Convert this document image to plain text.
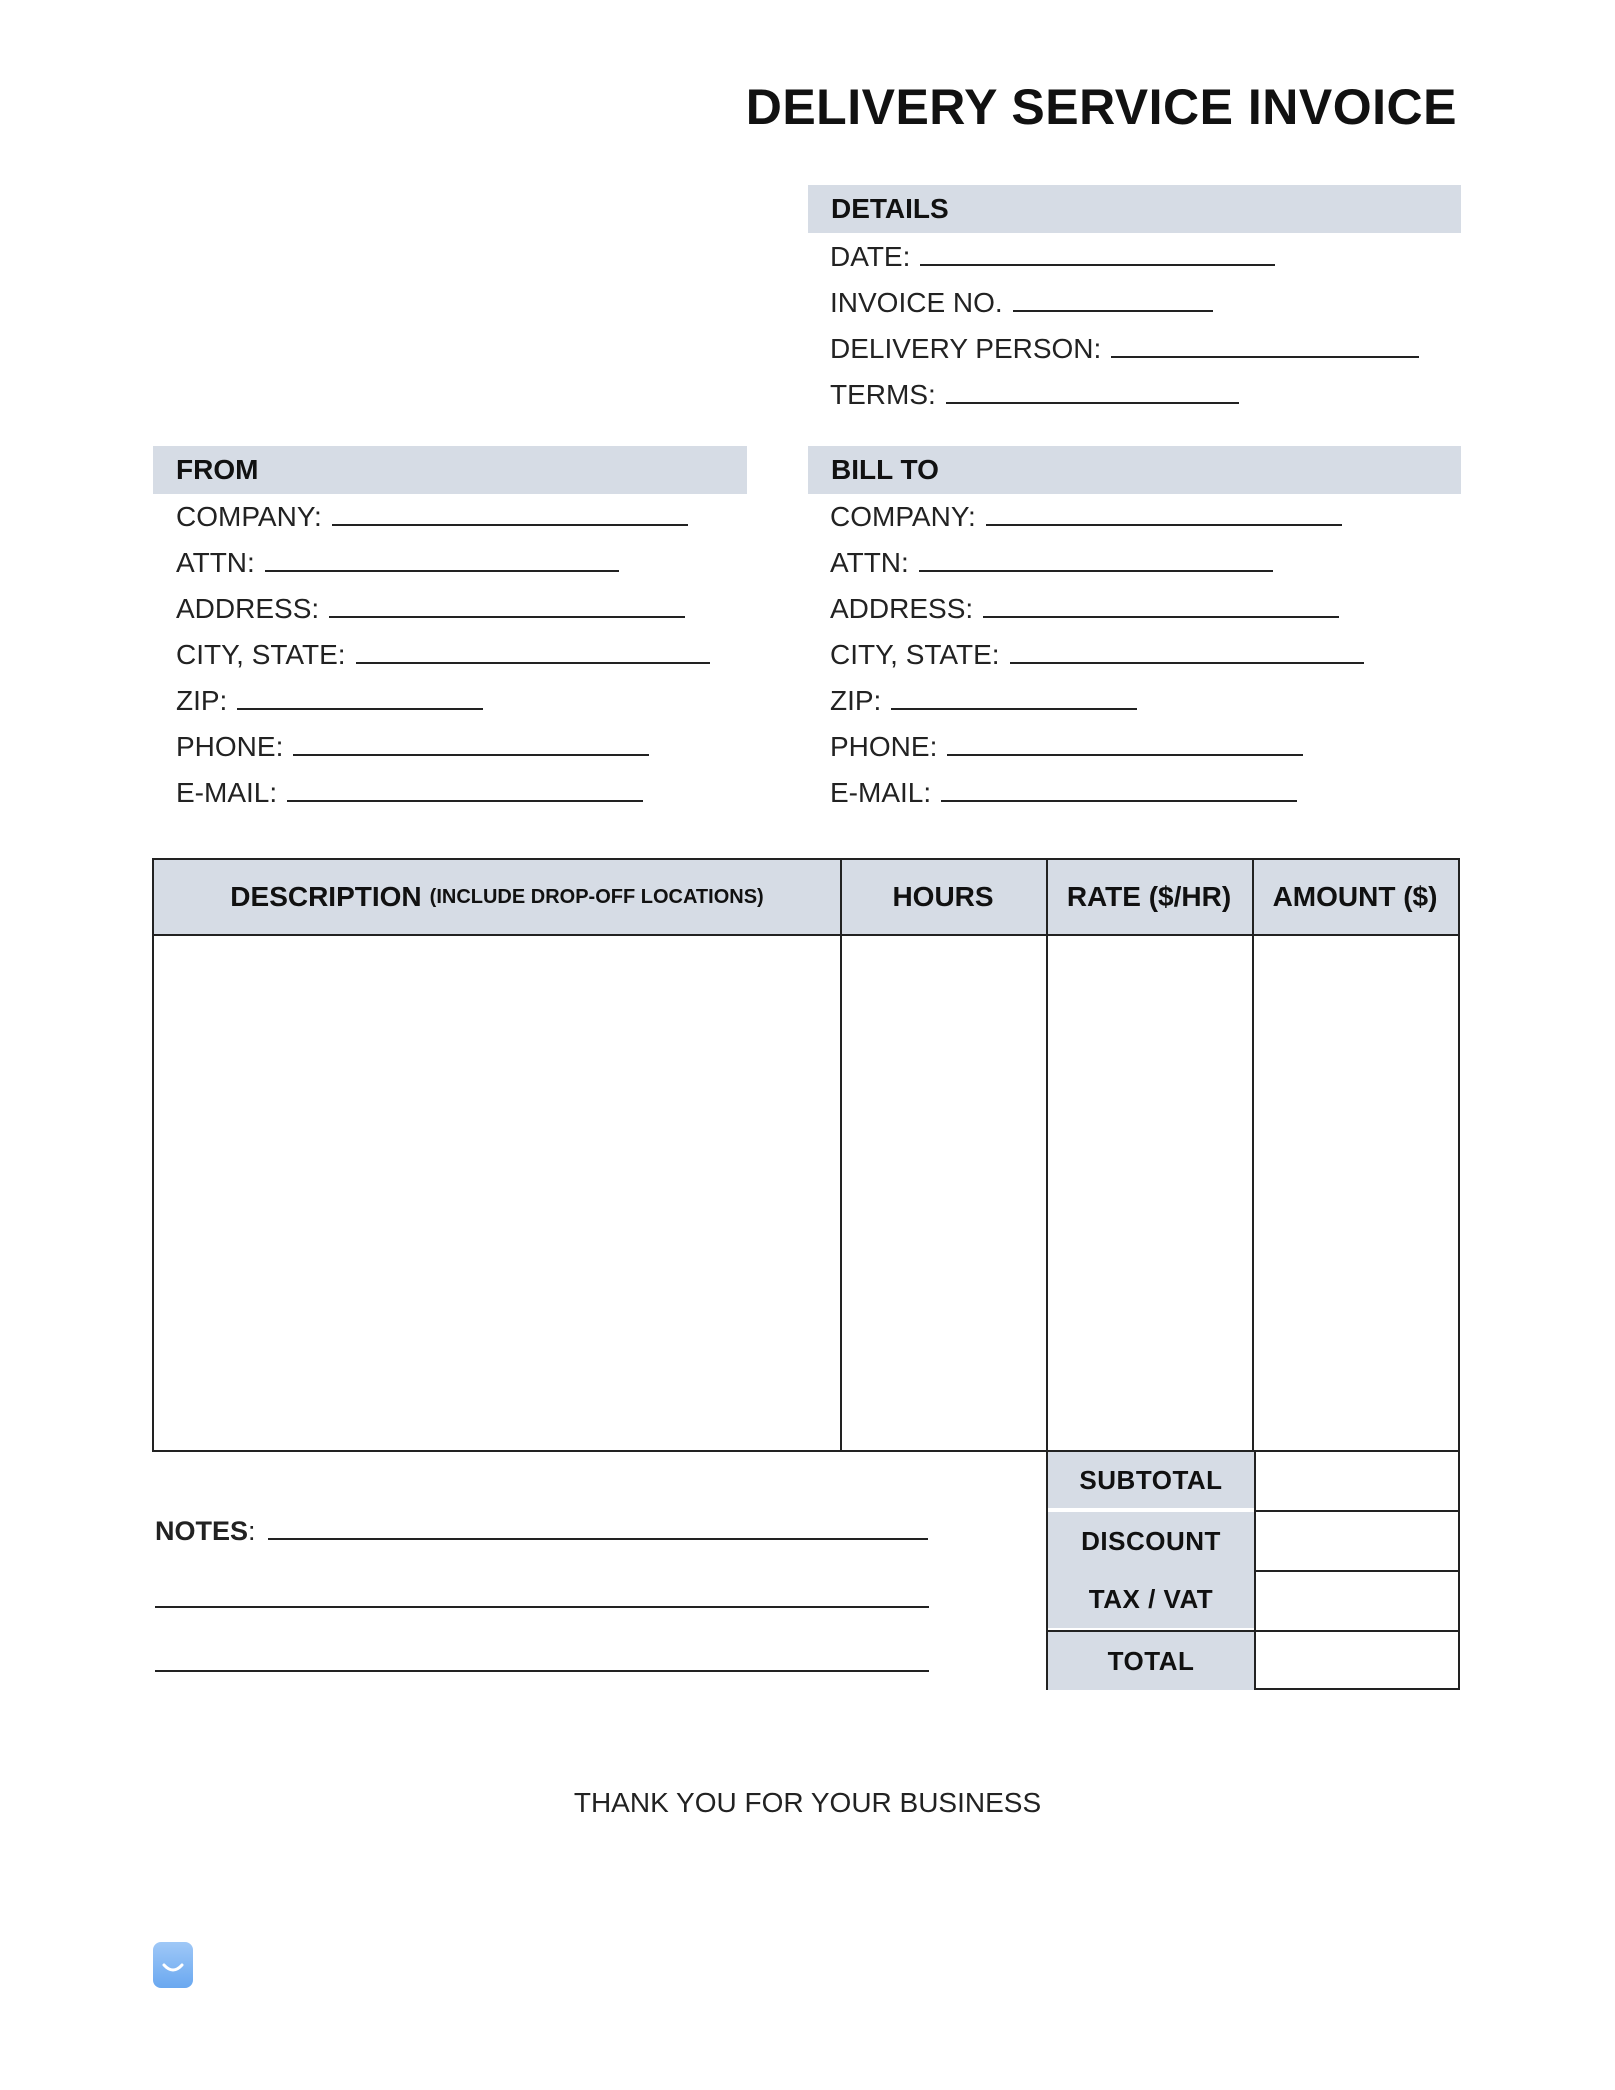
DELIVERY SERVICE INVOICE
DETAILS
DATE:
INVOICE NO.
DELIVERY PERSON:
TERMS:
FROM
COMPANY:
ATTN:
ADDRESS:
CITY, STATE:
ZIP:
PHONE:
E-MAIL:
BILL TO
COMPANY:
ATTN:
ADDRESS:
CITY, STATE:
ZIP:
PHONE:
E-MAIL:
DESCRIPTION (INCLUDE DROP-OFF LOCATIONS)	HOURS	RATE ($/HR) AMOUNT ($)
SUBTOTAL
DISCOUNT
TAX / VAT
TOTAL
NOTES:
THANK YOU FOR YOUR BUSINESS
